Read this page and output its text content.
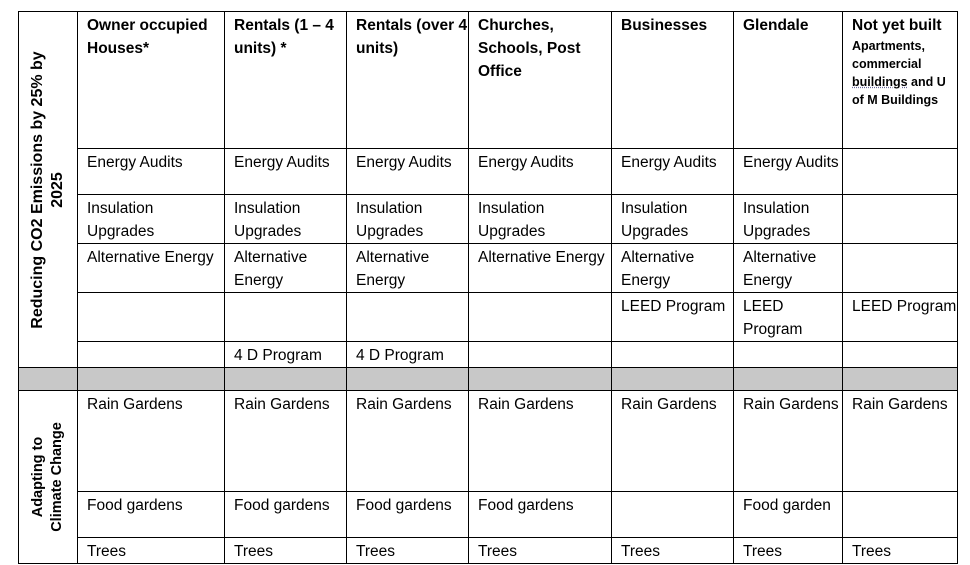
Reducing CO2 Emissions by 25% by 2025	Owner occupied Houses*	Rentals (1 – 4 units) *	Rentals (over 4 units)	Churches, Schools, Post Office	Businesses	Glendale	Not yet built
Apartments, commercial buildings and U of M Buildings

	Energy Audits	Energy Audits	Energy Audits	Energy Audits	Energy Audits	Energy Audits	
	Insulation Upgrades	Insulation Upgrades	Insulation Upgrades	Insulation Upgrades	Insulation Upgrades	Insulation Upgrades	
	Alternative Energy	Alternative Energy	Alternative Energy	Alternative Energy	Alternative Energy	Alternative Energy	
					LEED Program	LEED Program	LEED Program
		4 D Program	4 D Program				

Adapting to Climate Change	Rain Gardens	Rain Gardens	Rain Gardens	Rain Gardens	Rain Gardens	Rain Gardens	Rain Gardens
	Food gardens	Food gardens	Food gardens	Food gardens		Food garden	
	Trees	Trees	Trees	Trees	Trees	Trees	Trees
